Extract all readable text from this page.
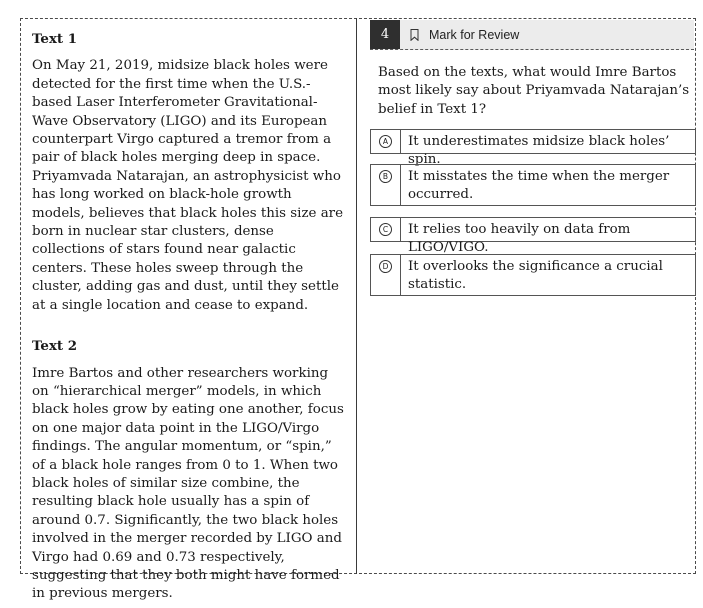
Text 1

On May 21, 2019, midsize black holes were detected for the first time when the U.S.-based Laser Interferometer Gravitational-Wave Observatory (LIGO) and its European counterpart Virgo captured a tremor from a pair of black holes merging deep in space. Priyamvada Natarajan, an astrophysicist who has long worked on black-hole growth models, believes that black holes this size are born in nuclear star clusters, dense collections of stars found near galactic centers. These holes sweep through the cluster, adding gas and dust, until they settle at a single location and cease to expand.

Text 2

Imre Bartos and other researchers working on “hierarchical merger” models, in which black holes grow by eating one another, focus on one major data point in the LIGO/Virgo findings. The angular momentum, or “spin,” of a black hole ranges from 0 to 1. When two black holes of similar size combine, the resulting black hole usually has a spin of around 0.7. Significantly, the two black holes involved in the merger recorded by LIGO and Virgo had 0.69 and 0.73 respectively, suggesting that they both might have formed in previous mergers.

4	Mark for Review

Based on the texts, what would Imre Bartos most likely say about Priyamvada Natarajan’s belief in Text 1?

A	It underestimates midsize black holes’ spin.
B	It misstates the time when the merger occurred.
C	It relies too heavily on data from LIGO/VIGO.
D	It overlooks the significance a crucial statistic.
